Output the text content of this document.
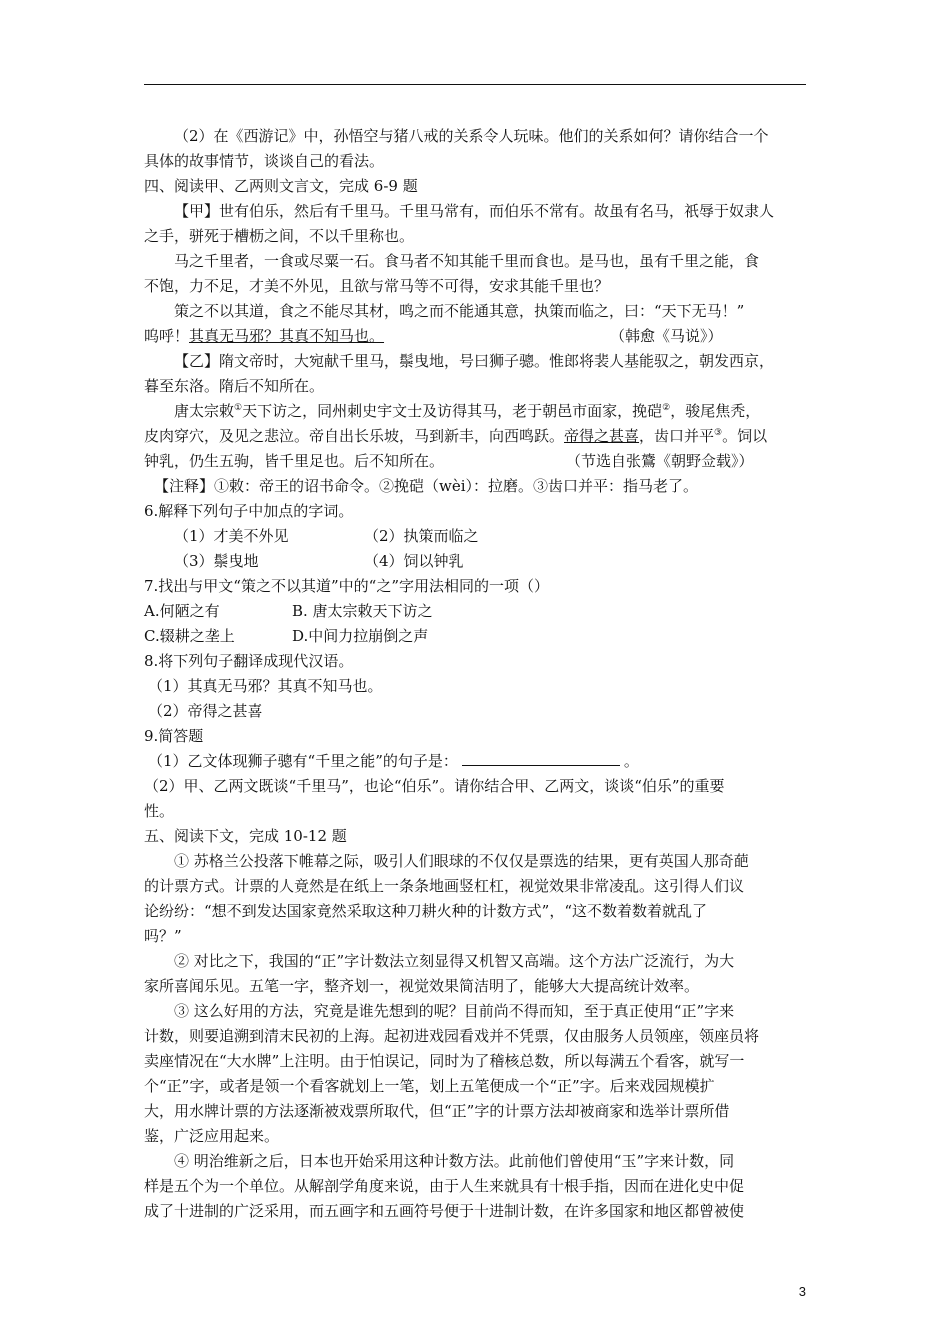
（2）在《西游记》中，孙悟空与猪八戒的关系令人玩味。他们的关系如何？请你结合一个
具体的故事情节，谈谈自己的看法。
四、阅读甲、乙两则文言文，完成 6-9 题
【甲】世有伯乐，然后有千里马。千里马常有，而伯乐不常有。故虽有名马，祇辱于奴隶人
之手，骈死于槽枥之间，不以千里称也。
马之千里者，一食或尽粟一石。食马者不知其能千里而食也。是马也，虽有千里之能，食
不饱，力不足，才美不外见，且欲与常马等不可得，安求其能千里也？
策之不以其道，食之不能尽其材，鸣之而不能通其意，执策而临之，曰：“天下无马！”
呜呼！其真无马邪？其真不知马也。	（韩愈《马说》）
【乙】隋文帝时，大宛献千里马，鬃曳地，号曰狮子骢。惟郎将裴人基能驭之，朝发西京，
暮至东洛。隋后不知所在。
唐太宗敕①天下访之，同州刺史宇文士及访得其马，老于朝邑市面家，挽硙②，骏尾焦秃，
皮肉穿穴，及见之悲泣。帝自出长乐坡，马到新丰，向西鸣跃。帝得之甚喜，齿口并平③。饲以
钟乳，仍生五驹，皆千里足也。后不知所在。	（节选自张鷟《朝野佥载》）
【注释】①敕：帝王的诏书命令。②挽硙（wèi）：拉磨。③齿口并平：指马老了。
6.解释下列句子中加点的字词。
（1）才美不外见	（2）执策而临之
（3）鬃曳地	（4）饲以钟乳
7.找出与甲文“策之不以其道”中的“之”字用法相同的一项（）
A.何陋之有	B. 唐太宗敕天下访之
C.辍耕之垄上	D.中间力拉崩倒之声
8.将下列句子翻译成现代汉语。
（1）其真无马邪？其真不知马也。
（2）帝得之甚喜
9.简答题
（1）乙文体现狮子骢有“千里之能”的句子是：	。
（2）甲、乙两文既谈“千里马”，也论“伯乐”。请你结合甲、乙两文，谈谈“伯乐”的重要
性。
五、阅读下文，完成 10-12 题
① 苏格兰公投落下帷幕之际，吸引人们眼球的不仅仅是票选的结果，更有英国人那奇葩
的计票方式。计票的人竟然是在纸上一条条地画竖杠杠，视觉效果非常凌乱。这引得人们议
论纷纷：“想不到发达国家竟然采取这种刀耕火种的计数方式”，“这不数着数着就乱了
吗？”
② 对比之下，我国的“正”字计数法立刻显得又机智又高端。这个方法广泛流行，为大
家所喜闻乐见。五笔一字，整齐划一，视觉效果简洁明了，能够大大提高统计效率。
③ 这么好用的方法，究竟是谁先想到的呢？目前尚不得而知，至于真正使用“正”字来
计数，则要追溯到清末民初的上海。起初进戏园看戏并不凭票，仅由服务人员领座，领座员将
卖座情况在“大水牌”上注明。由于怕误记，同时为了稽核总数，所以每满五个看客，就写一
个“正”字，或者是领一个看客就划上一笔，划上五笔便成一个“正”字。后来戏园规模扩
大，用水牌计票的方法逐渐被戏票所取代，但“正”字的计票方法却被商家和选举计票所借
鉴，广泛应用起来。
④ 明治维新之后，日本也开始采用这种计数方法。此前他们曾使用“玉”字来计数，同
样是五个为一个单位。从解剖学角度来说，由于人生来就具有十根手指，因而在进化史中促
成了十进制的广泛采用，而五画字和五画符号便于十进制计数，在许多国家和地区都曾被使
3
